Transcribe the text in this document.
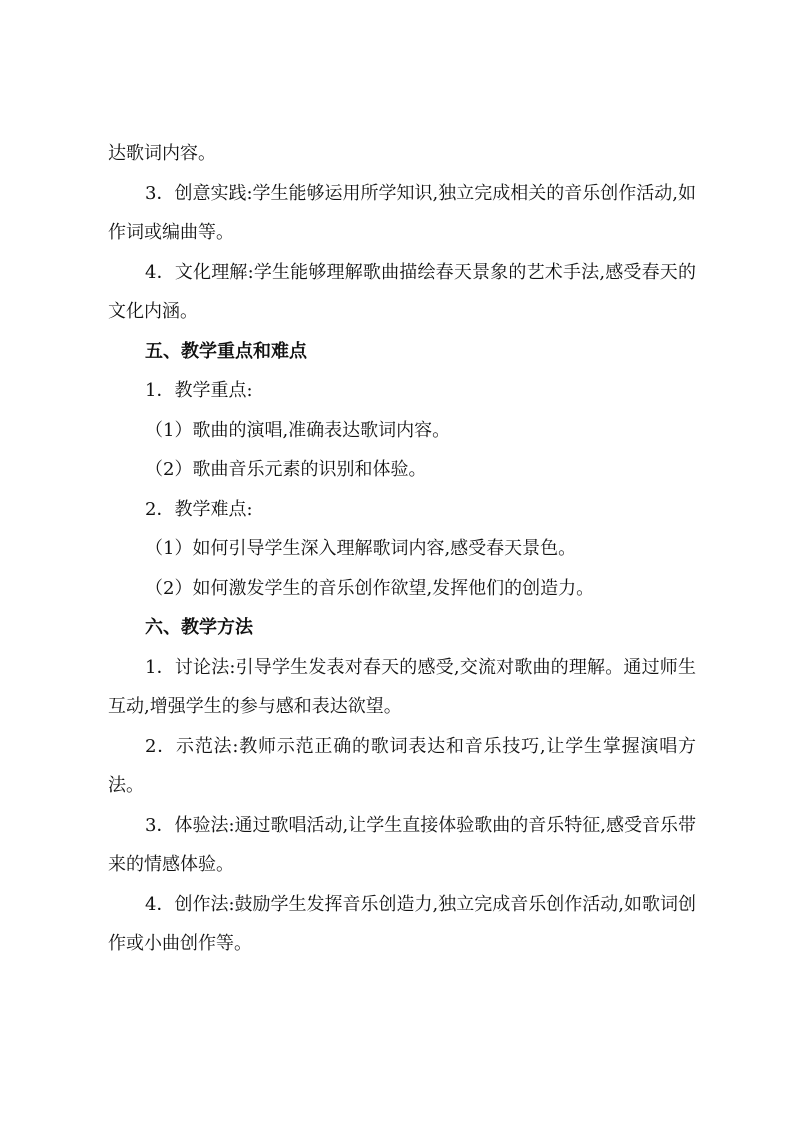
达歌词内容。

3．创意实践:学生能够运用所学知识,独立完成相关的音乐创作活动,如作词或编曲等。

4．文化理解:学生能够理解歌曲描绘春天景象的艺术手法,感受春天的文化内涵。

五、教学重点和难点

1．教学重点:

（1）歌曲的演唱,准确表达歌词内容。

（2）歌曲音乐元素的识别和体验。

2．教学难点:

（1）如何引导学生深入理解歌词内容,感受春天景色。

（2）如何激发学生的音乐创作欲望,发挥他们的创造力。

六、教学方法

1．讨论法:引导学生发表对春天的感受,交流对歌曲的理解。通过师生互动,增强学生的参与感和表达欲望。

2．示范法:教师示范正确的歌词表达和音乐技巧,让学生掌握演唱方法。

3．体验法:通过歌唱活动,让学生直接体验歌曲的音乐特征,感受音乐带来的情感体验。

4．创作法:鼓励学生发挥音乐创造力,独立完成音乐创作活动,如歌词创作或小曲创作等。
